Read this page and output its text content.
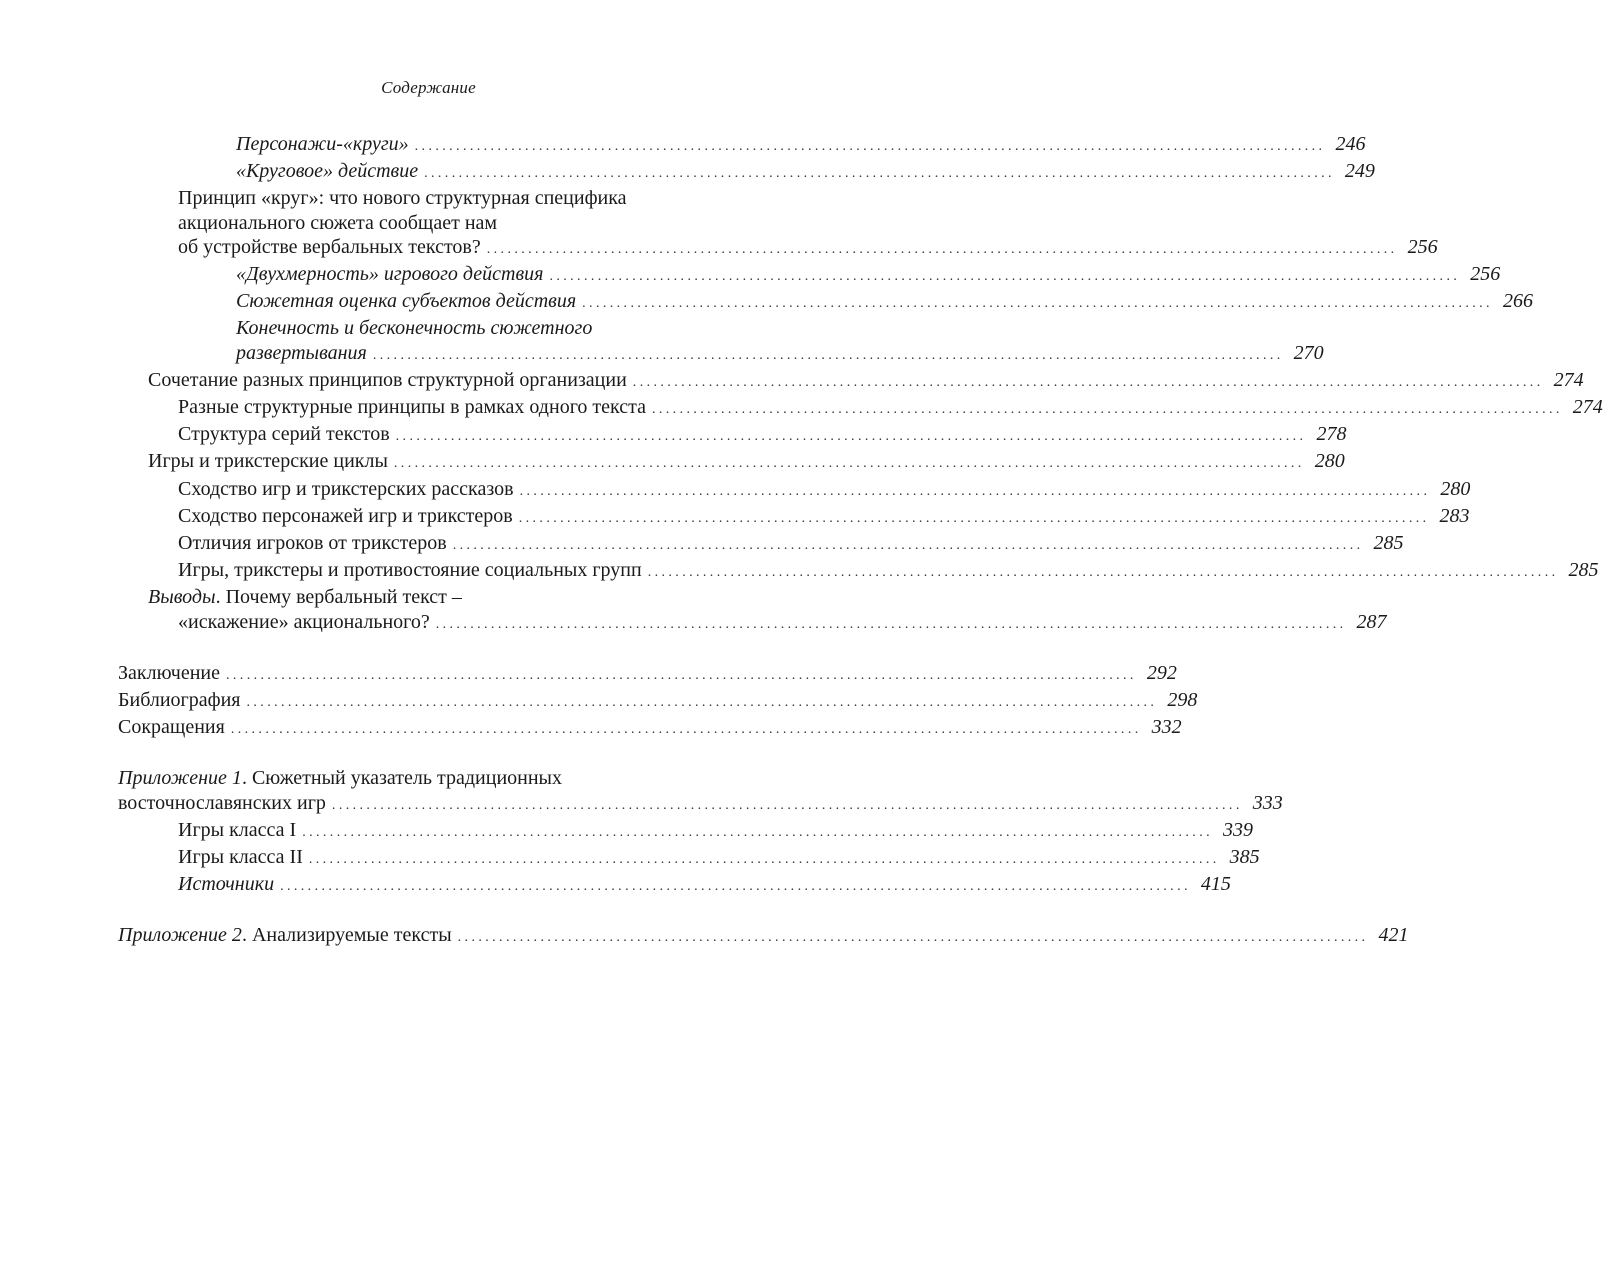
Содержание
Персонажи-«круги» .................................................................................................................................... 246
«Круговое» действие .................................................................................................................................... 249
Принцип «круг»: что нового структурная специфика
акционального сюжета сообщает нам
об устройстве вербальных текстов? .................................................................................................................................... 256
«Двухмерность» игрового действия .................................................................................................................................... 256
Сюжетная оценка субъектов действия .................................................................................................................................... 266
Конечность и бесконечность сюжетного
развертывания .................................................................................................................................... 270
Сочетание разных принципов структурной организации .................................................................................................................................... 274
Разные структурные принципы в рамках одного текста .................................................................................................................................... 274
Структура серий текстов .................................................................................................................................... 278
Игры и трикстерские циклы .................................................................................................................................... 280
Сходство игр и трикстерских рассказов .................................................................................................................................... 280
Сходство персонажей игр и трикстеров .................................................................................................................................... 283
Отличия игроков от трикстеров .................................................................................................................................... 285
Игры, трикстеры и противостояние социальных групп .................................................................................................................................... 285
Выводы. Почему вербальный текст –
«искажение» акционального? .................................................................................................................................... 287
Заключение .................................................................................................................................... 292
Библиография .................................................................................................................................... 298
Сокращения .................................................................................................................................... 332
Приложение 1. Сюжетный указатель традиционных
восточнославянских игр .................................................................................................................................... 333
Игры класса I .................................................................................................................................... 339
Игры класса II .................................................................................................................................... 385
Источники .................................................................................................................................... 415
Приложение 2. Анализируемые тексты .................................................................................................................................... 421
